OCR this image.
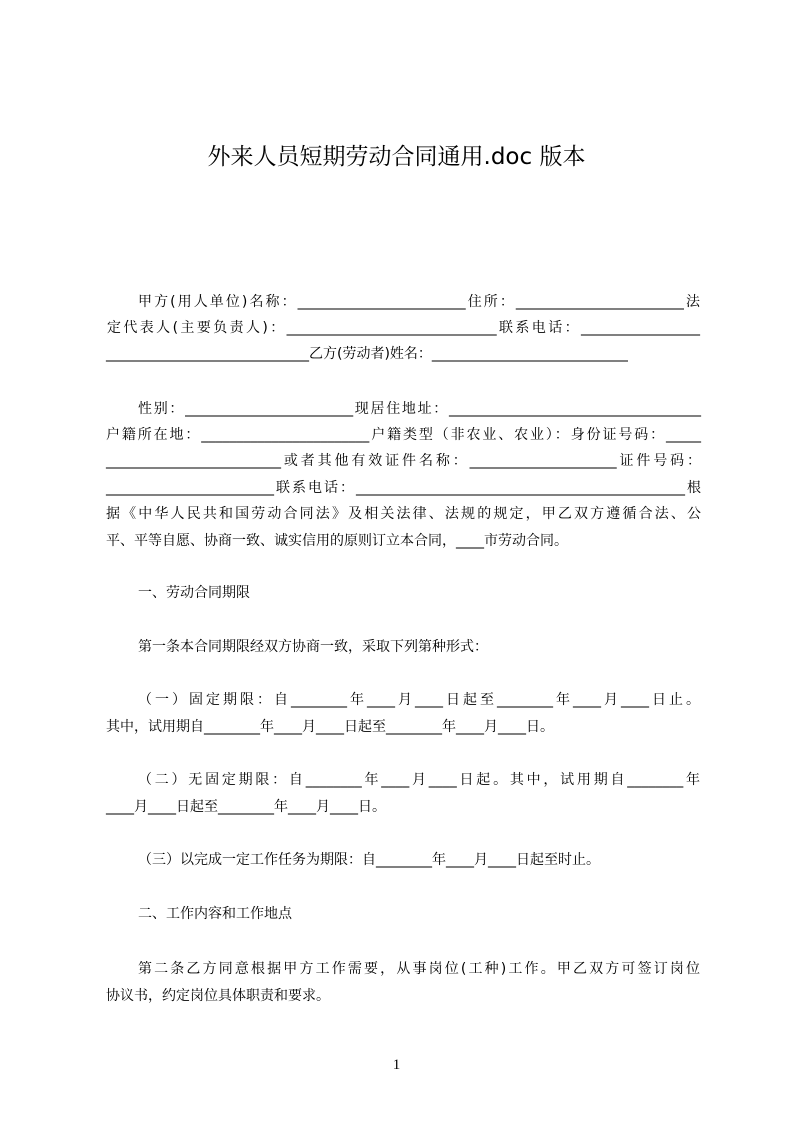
外来人员短期劳动合同通用.doc 版本
甲方(用人单位)名称：________________________住所：________________________法
定代表人(主要负责人)：______________________________联系电话：_________________
_____________________________乙方(劳动者)姓名：____________________________
性别：________________________现居住地址：____________________________________
户籍所在地：________________________户籍类型（非农业、农业）：身份证号码：_____
_________________________或者其他有效证件名称：_____________________证件号码：
________________________联系电话：_______________________________________________根
据《中华人民共和国劳动合同法》及相关法律、法规的规定，甲乙双方遵循合法、公
平、平等自愿、协商一致、诚实信用的原则订立本合同，____市劳动合同。
一、劳动合同期限
第一条本合同期限经双方协商一致，采取下列第种形式：
（一）固定期限：自________年____月____日起至________年____月____日止。
其中，试用期自________年____月____日起至________年____月____日。
（二）无固定期限：自________年____月____日起。其中，试用期自________年
____月____日起至________年____月____日。
（三）以完成一定工作任务为期限：自________年____月____日起至时止。
二、工作内容和工作地点
第二条乙方同意根据甲方工作需要，从事岗位(工种)工作。甲乙双方可签订岗位
协议书，约定岗位具体职责和要求。
1
